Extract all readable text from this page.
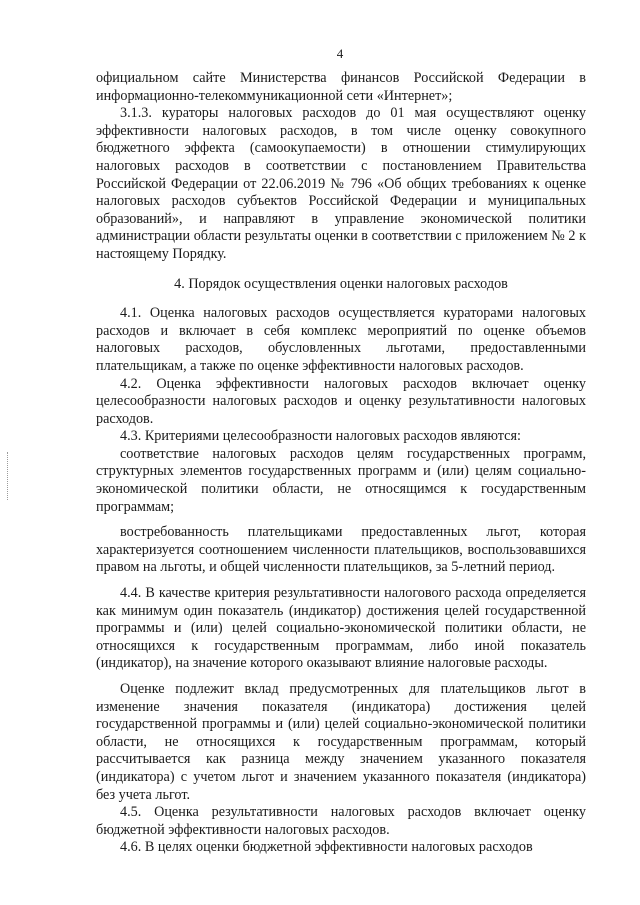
4

официальном сайте Министерства финансов Российской Федерации в информационно-телекоммуникационной сети «Интернет»;

3.1.3. кураторы налоговых расходов до 01 мая осуществляют оценку эффективности налоговых расходов, в том числе оценку совокупного бюджетного эффекта (самоокупаемости) в отношении стимулирующих налоговых расходов в соответствии с постановлением Правительства Российской Федерации от 22.06.2019 № 796 «Об общих требованиях к оценке налоговых расходов субъектов Российской Федерации и муниципальных образований», и направляют в управление экономической политики администрации области результаты оценки в соответствии с приложением № 2 к настоящему Порядку.

4. Порядок осуществления оценки налоговых расходов

4.1. Оценка налоговых расходов осуществляется кураторами налоговых расходов и включает в себя комплекс мероприятий по оценке объемов налоговых расходов, обусловленных льготами, предоставленными плательщикам, а также по оценке эффективности налоговых расходов.

4.2. Оценка эффективности налоговых расходов включает оценку целесообразности налоговых расходов и оценку результативности налоговых расходов.

4.3. Критериями целесообразности налоговых расходов являются:

соответствие налоговых расходов целям государственных программ, структурных элементов государственных программ и (или) целям социально-экономической политики области, не относящимся к государственным программам;

востребованность плательщиками предоставленных льгот, которая характеризуется соотношением численности плательщиков, воспользовавшихся правом на льготы, и общей численности плательщиков, за 5-летний период.

4.4. В качестве критерия результативности налогового расхода определяется как минимум один показатель (индикатор) достижения целей государственной программы и (или) целей социально-экономической политики области, не относящихся к государственным программам, либо иной показатель (индикатор), на значение которого оказывают влияние налоговые расходы.

Оценке подлежит вклад предусмотренных для плательщиков льгот в изменение значения показателя (индикатора) достижения целей государственной программы и (или) целей социально-экономической политики области, не относящихся к государственным программам, который рассчитывается как разница между значением указанного показателя (индикатора) с учетом льгот и значением указанного показателя (индикатора) без учета льгот.

4.5. Оценка результативности налоговых расходов включает оценку бюджетной эффективности налоговых расходов.

4.6. В целях оценки бюджетной эффективности налоговых расходов
